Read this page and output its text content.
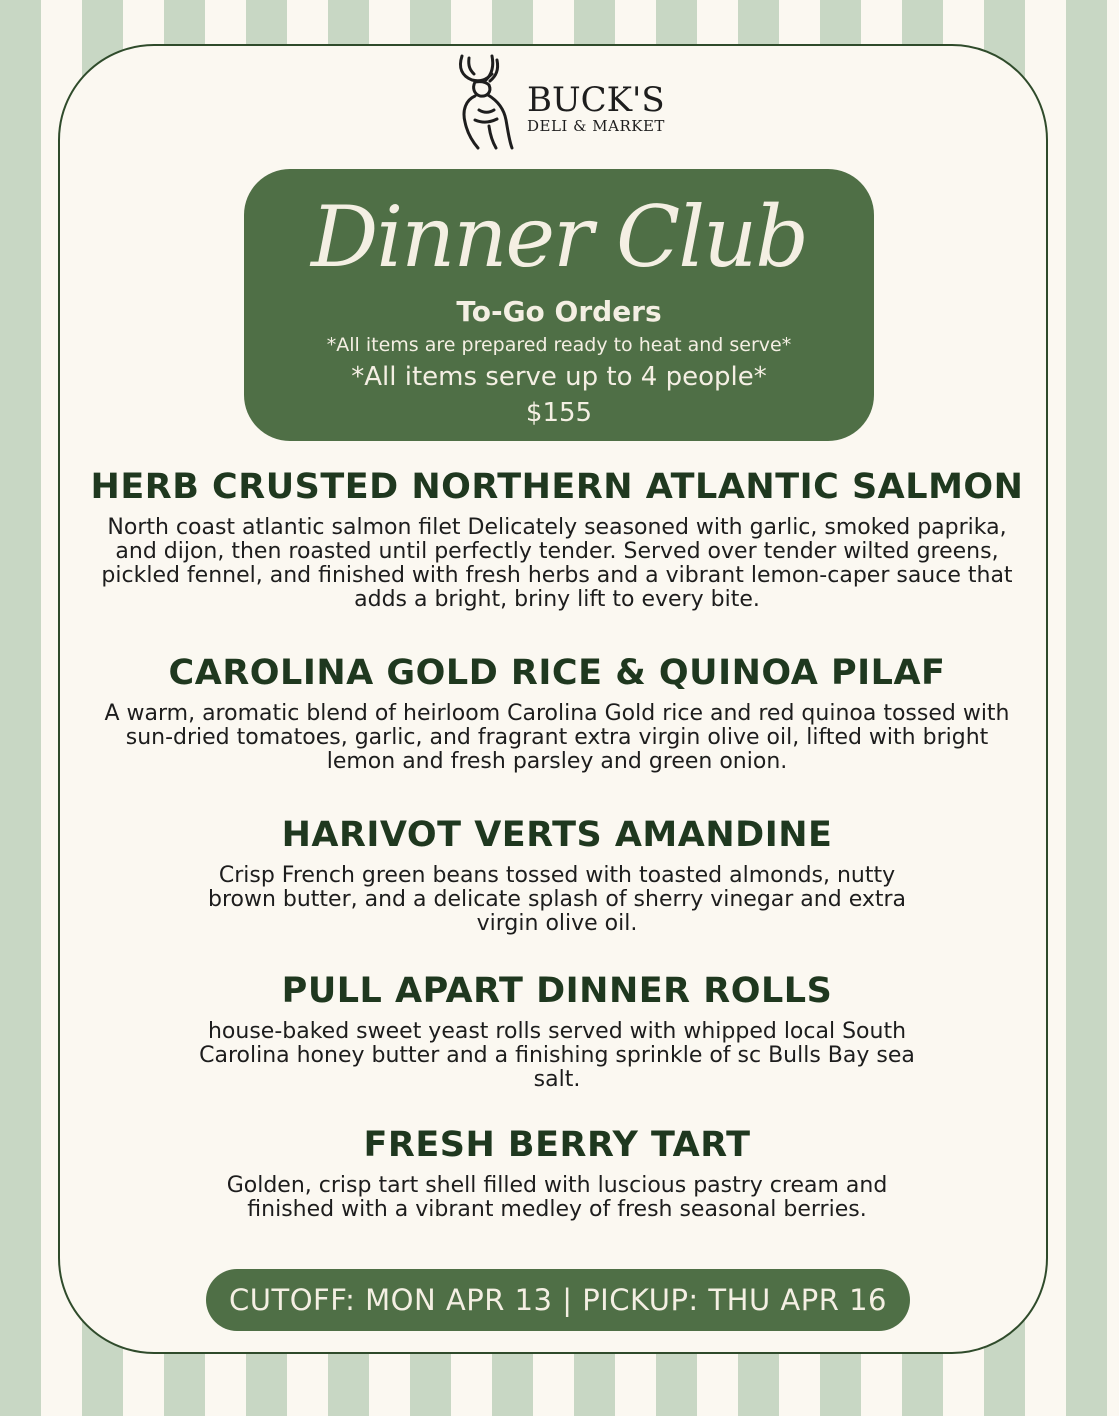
BUCK'S
DELI & MARKET
Dinner Club
To-Go Orders
*All items are prepared ready to heat and serve*
*All items serve up to 4 people*
$155
HERB CRUSTED NORTHERN ATLANTIC SALMON
North coast atlantic salmon filet Delicately seasoned with garlic, smoked paprika, and dijon, then roasted until perfectly tender. Served over tender wilted greens, pickled fennel, and finished with fresh herbs and a vibrant lemon-caper sauce that adds a bright, briny lift to every bite.
CAROLINA GOLD RICE & QUINOA PILAF
A warm, aromatic blend of heirloom Carolina Gold rice and red quinoa tossed with sun-dried tomatoes, garlic, and fragrant extra virgin olive oil, lifted with bright lemon and fresh parsley and green onion.
HARIVOT VERTS AMANDINE
Crisp French green beans tossed with toasted almonds, nutty brown butter, and a delicate splash of sherry vinegar and extra virgin olive oil.
PULL APART DINNER ROLLS
house-baked sweet yeast rolls served with whipped local South Carolina honey butter and a finishing sprinkle of sc Bulls Bay sea salt.
FRESH BERRY TART
Golden, crisp tart shell filled with luscious pastry cream and finished with a vibrant medley of fresh seasonal berries.
CUTOFF: MON APR 13 | PICKUP: THU APR 16
